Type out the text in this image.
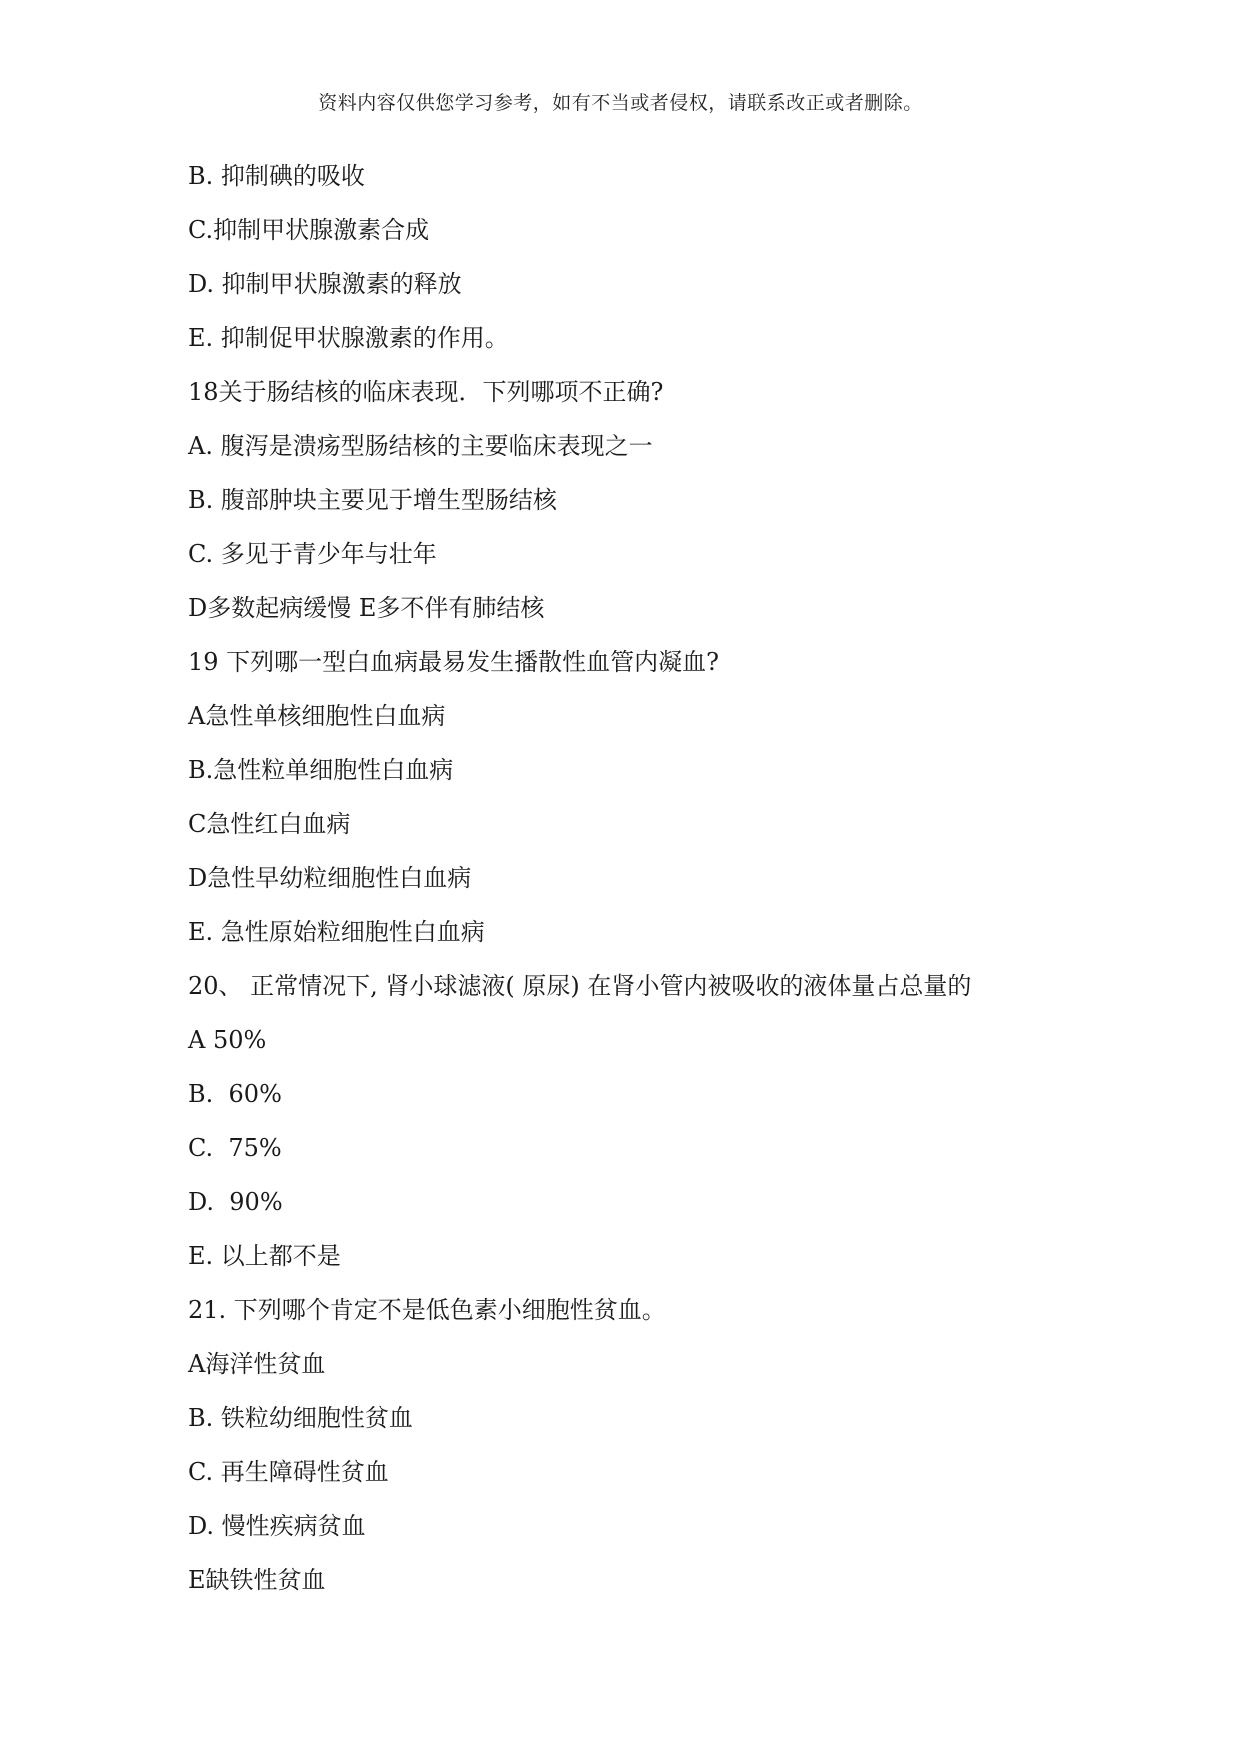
资料内容仅供您学习参考，如有不当或者侵权，请联系改正或者删除。
B. 抑制碘的吸收
C.抑制甲状腺激素合成
D. 抑制甲状腺激素的释放
E. 抑制促甲状腺激素的作用。
18关于肠结核的临床表现．下列哪项不正确?
A. 腹泻是溃疡型肠结核的主要临床表现之一
B. 腹部肿块主要见于增生型肠结核
C. 多见于青少年与壮年
D多数起病缓慢 E多不伴有肺结核
19 下列哪一型白血病最易发生播散性血管内凝血?
A急性单核细胞性白血病
B.急性粒单细胞性白血病
C急性红白血病
D急性早幼粒细胞性白血病
E. 急性原始粒细胞性白血病
20、 正常情况下, 肾小球滤液( 原尿) 在肾小管内被吸收的液体量占总量的
A 50%
B.  60%
C.  75%
D.  90%
E. 以上都不是
21. 下列哪个肯定不是低色素小细胞性贫血。
A海洋性贫血
B. 铁粒幼细胞性贫血
C. 再生障碍性贫血
D. 慢性疾病贫血
E缺铁性贫血
